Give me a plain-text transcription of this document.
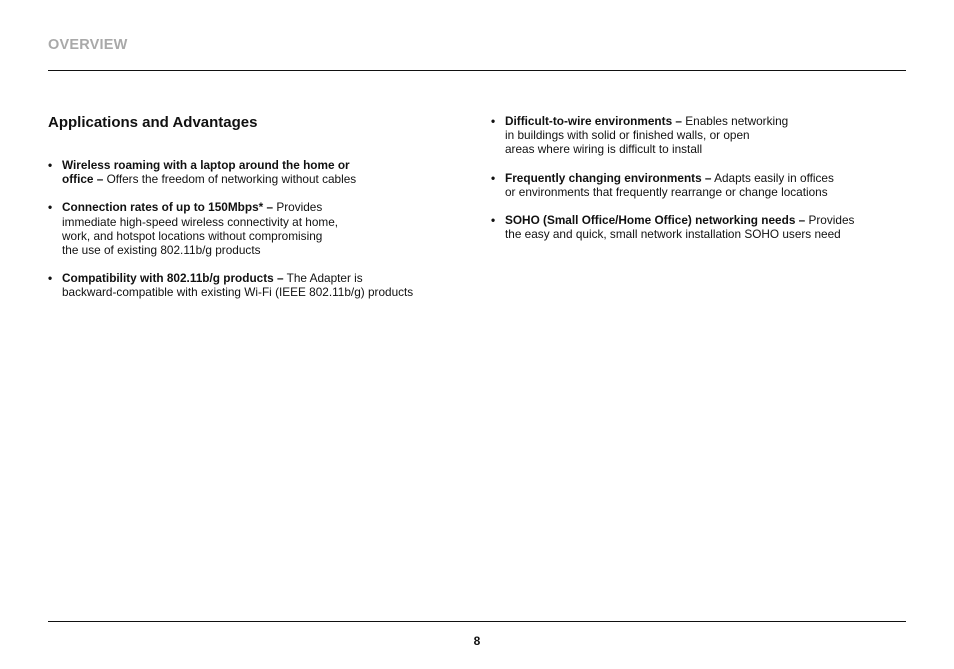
OVERVIEW
Applications and Advantages
• Wireless roaming with a laptop around the home or
office – Offers the freedom of networking without cables
• Connection rates of up to 150Mbps* – Provides
immediate high-speed wireless connectivity at home,
work, and hotspot locations without compromising
the use of existing 802.11b/g products
• Compatibility with 802.11b/g products – The Adapter is
backward-compatible with existing Wi-Fi (IEEE 802.11b/g) products
• Difficult-to-wire environments – Enables networking
in buildings with solid or finished walls, or open
areas where wiring is difficult to install
• Frequently changing environments – Adapts easily in offices
or environments that frequently rearrange or change locations
• SOHO (Small Office/Home Office) networking needs – Provides
the easy and quick, small network installation SOHO users need
8
